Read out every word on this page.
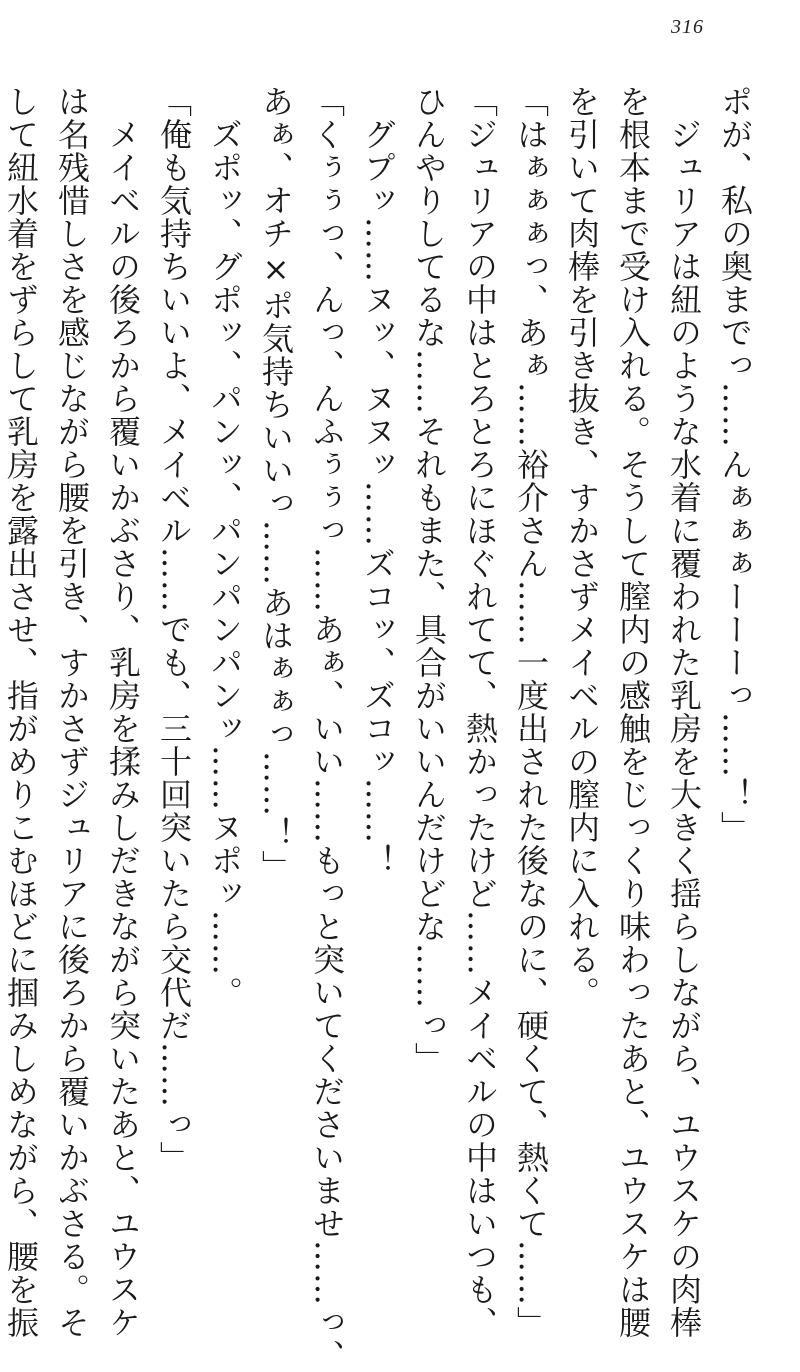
316

ポが、私の奥までっ……んぁぁぁーーーっ……！」

　ジュリアは紐のような水着に覆われた乳房を大きく揺らしながら、ユウスケの肉棒

を根本まで受け入れる。そうして膣内の感触をじっくり味わったあと、ユウスケは腰

を引いて肉棒を引き抜き、すかさずメイベルの膣内に入れる。

「はぁぁぁっ、あぁ……裕介さん……一度出された後なのに、硬くて、熱くて……」

「ジュリアの中はとろとろにほぐれてて、熱かったけど……メイベルの中はいつも、

ひんやりしてるな……それもまた、具合がいいんだけどな……っ」

　グプッ……ヌッ、ヌヌッ……ズコッ、ズコッ……！

「くぅぅっ、んっ、んふぅぅっ……あぁ、いい……もっと突いてくださいませ……っ、

あぁ、オチ×ポ気持ちいいっ……あはぁぁっ……！」

　ズポッ、グポッ、パンッ、パンパンパンッ……ヌポッ……。

「俺も気持ちいいよ、メイベル……でも、三十回突いたら交代だ……っ」

　メイベルの後ろから覆いかぶさり、乳房を揉みしだきながら突いたあと、ユウスケ

は名残惜しさを感じながら腰を引き、すかさずジュリアに後ろから覆いかぶさる。そ

して紐水着をずらして乳房を露出させ、指がめりこむほどに掴みしめながら、腰を振
